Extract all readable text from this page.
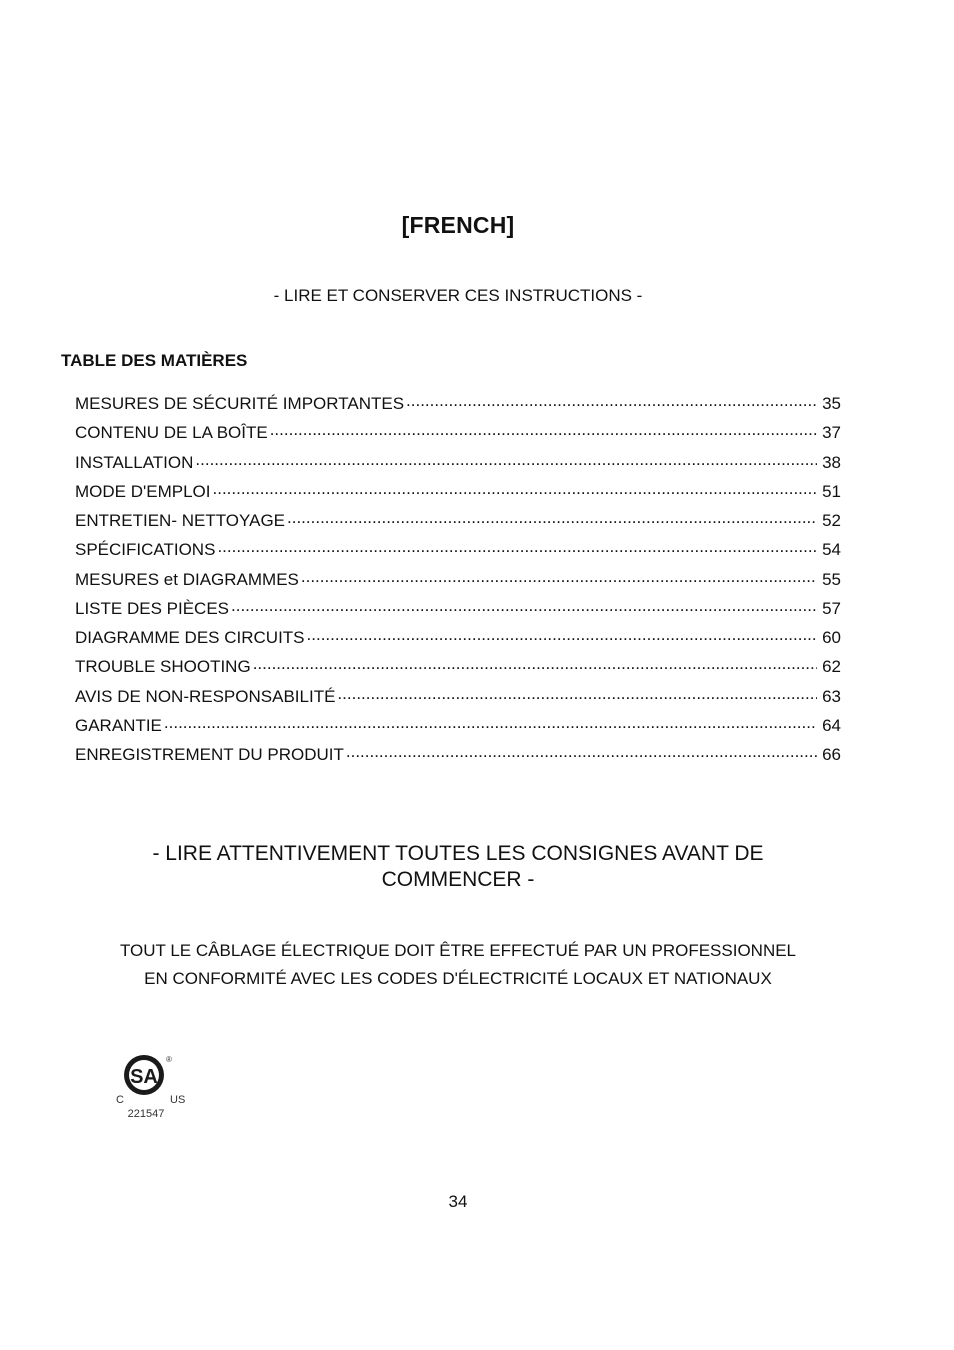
[FRENCH]
- LIRE ET CONSERVER CES INSTRUCTIONS -
TABLE DES MATIÈRES
MESURES DE SÉCURITÉ IMPORTANTES .....	35
CONTENU DE LA BOÎTE .....	37
INSTALLATION .....	38
MODE D'EMPLOI .....	51
ENTRETIEN- NETTOYAGE .....	52
SPÉCIFICATIONS .....	54
MESURES et DIAGRAMMES .....	55
LISTE DES PIÈCES .....	57
DIAGRAMME DES CIRCUITS .....	60
TROUBLE SHOOTING .....	62
AVIS DE NON-RESPONSABILITÉ .....	63
GARANTIE .....	64
ENREGISTREMENT DU PRODUIT .....	66
- LIRE ATTENTIVEMENT TOUTES LES CONSIGNES AVANT DE
COMMENCER -
TOUT LE CÂBLAGE ÉLECTRIQUE DOIT ÊTRE EFFECTUÉ PAR UN PROFESSIONNEL
EN CONFORMITÉ AVEC LES CODES D'ÉLECTRICITÉ LOCAUX ET NATIONAUX
SA
®
C	US
221547
34
